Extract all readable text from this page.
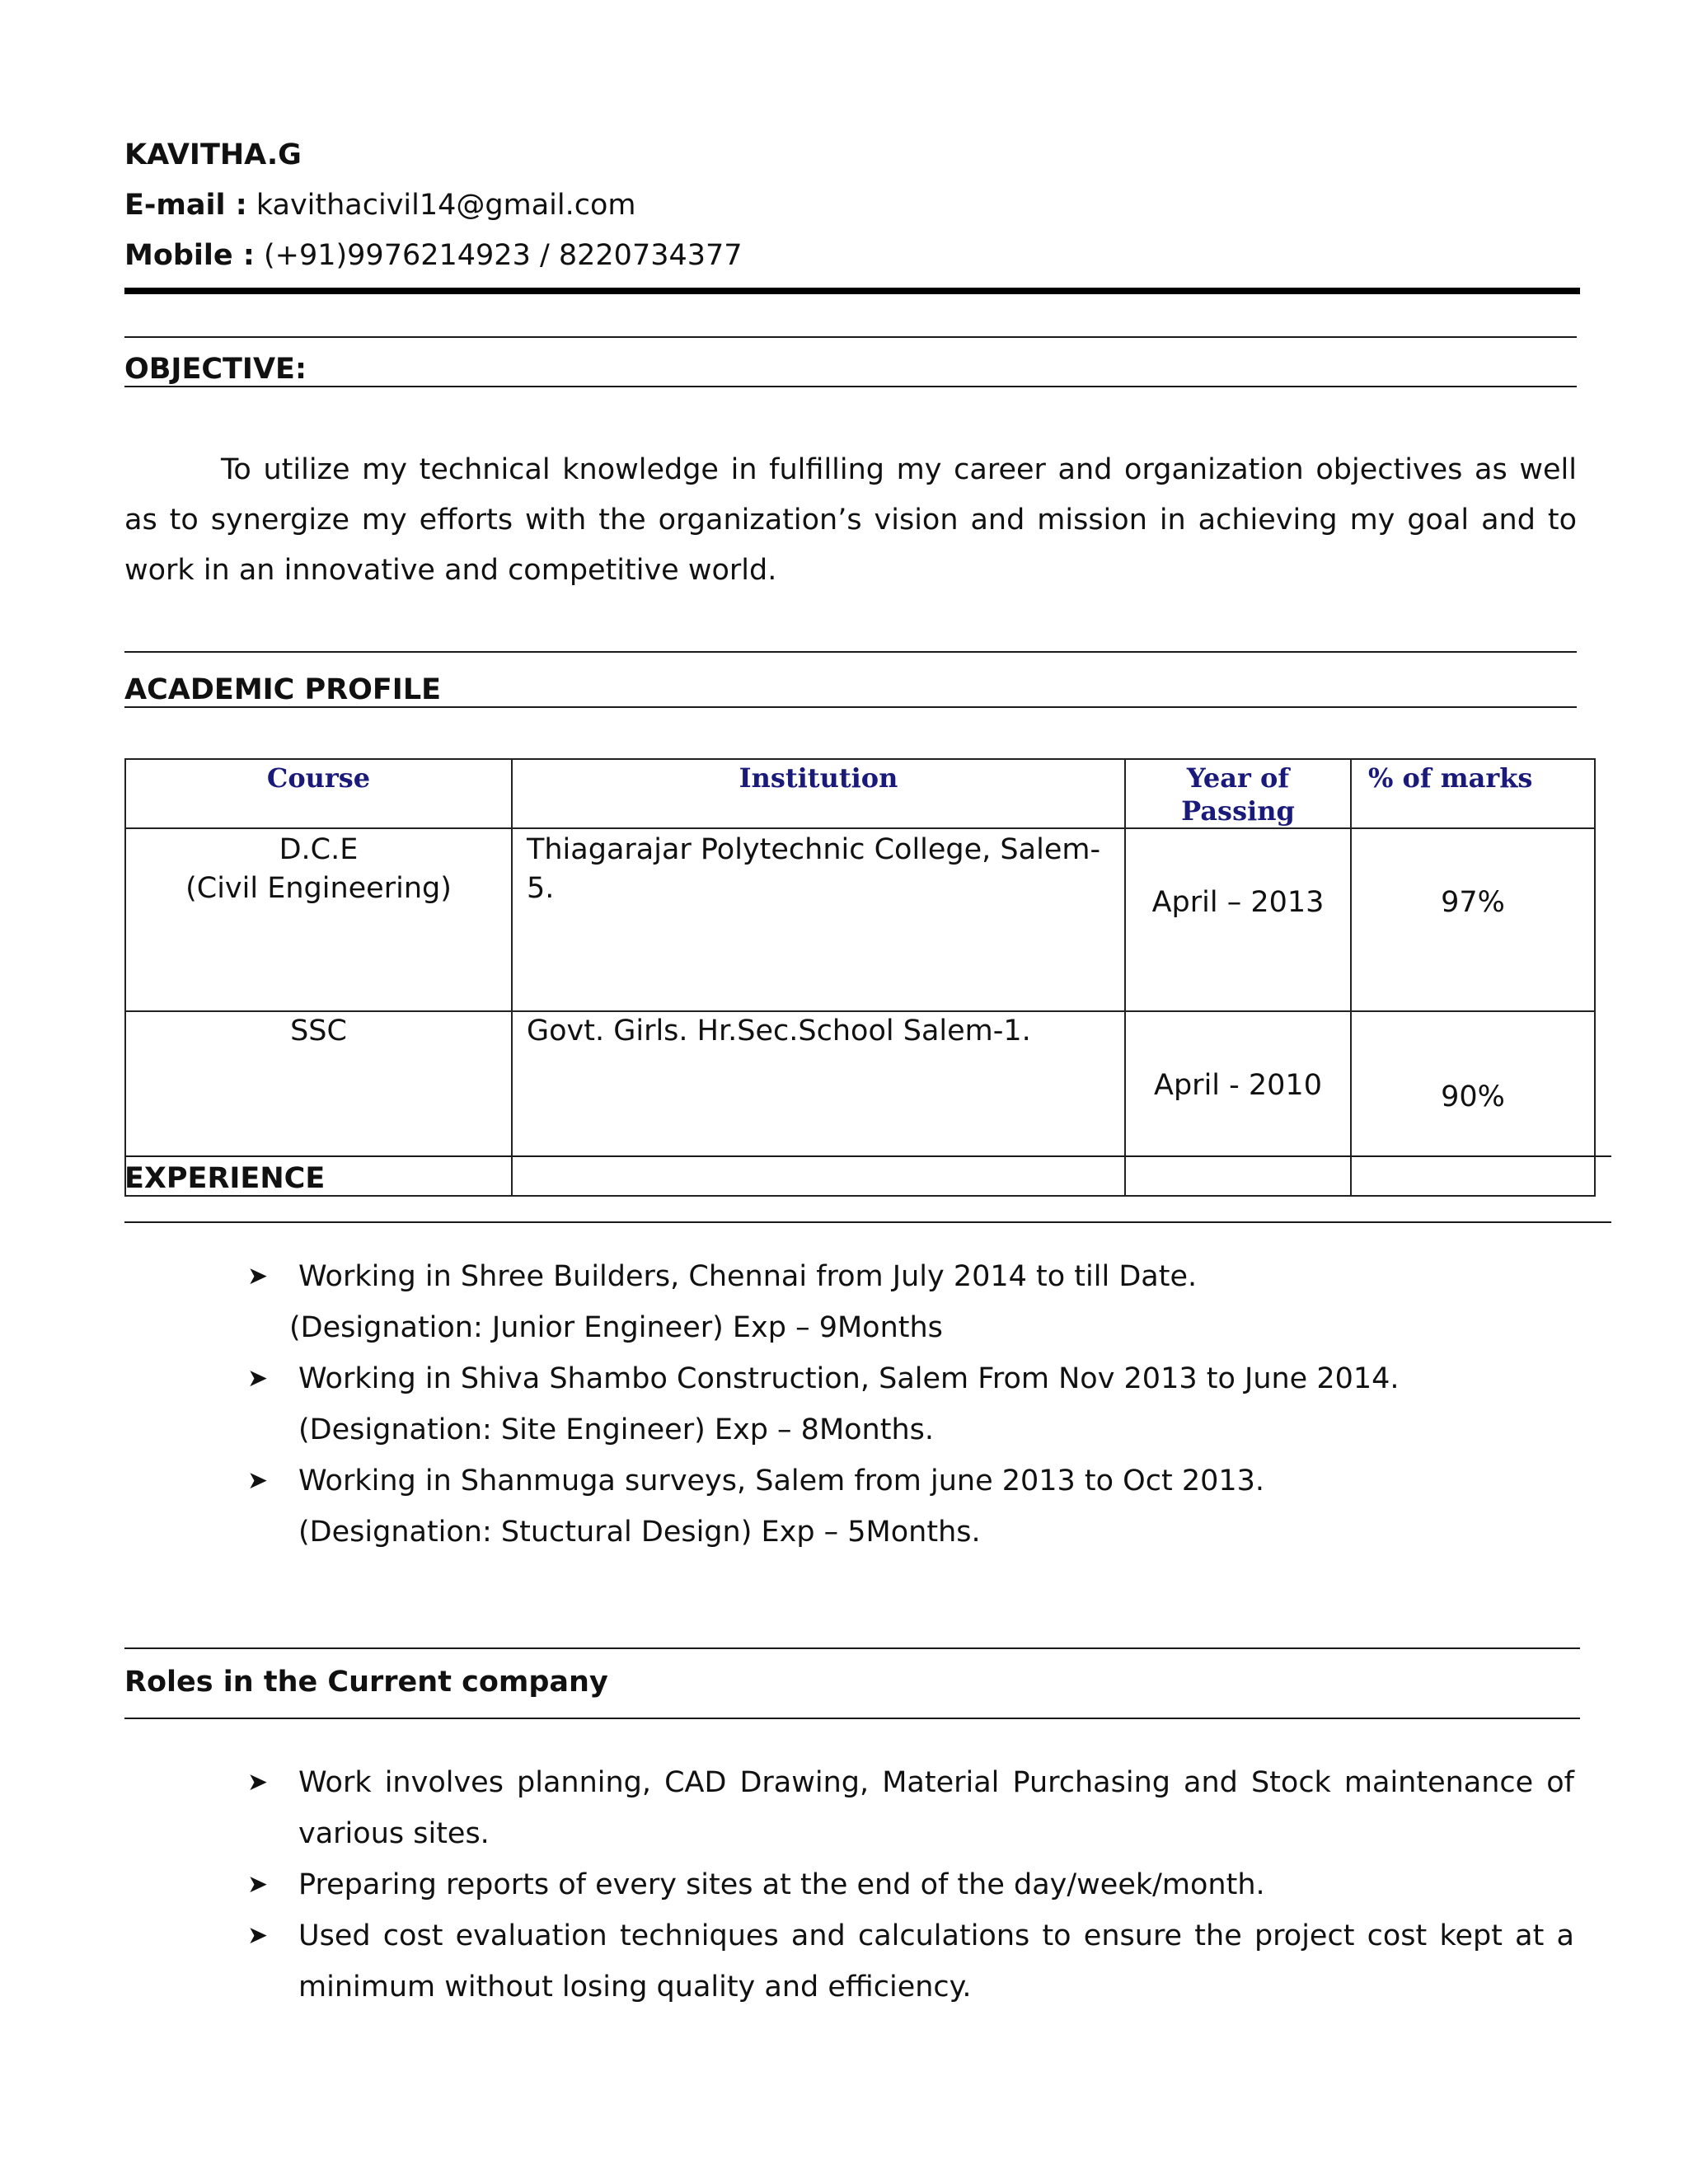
KAVITHA.G
E-mail : kavithacivil14@gmail.com
Mobile : (+91)9976214923 / 8220734377
OBJECTIVE:
To utilize my technical knowledge in fulfilling my career and organization objectives as well as to synergize my efforts with the organization’s vision and mission in achieving my goal and to work in an innovative and competitive world.
ACADEMIC PROFILE
Course	Institution	Year of Passing	% of marks

D.C.E
(Civil Engineering)	Thiagarajar Polytechnic College, Salem-5.	April – 2013	97%

SSC	Govt. Girls. Hr.Sec.School Salem-1.	April - 2010	90%
EXPERIENCE
➤ Working in Shree Builders, Chennai from July 2014 to till Date.
(Designation: Junior Engineer) Exp – 9Months
➤ Working in Shiva Shambo Construction, Salem From Nov 2013 to June 2014.
(Designation: Site Engineer) Exp – 8Months.
➤ Working in Shanmuga surveys, Salem from june 2013 to Oct 2013.
(Designation: Stuctural Design) Exp – 5Months.
Roles in the Current company
➤ Work involves planning, CAD Drawing, Material Purchasing and Stock maintenance of various sites.
➤ Preparing reports of every sites at the end of the day/week/month.
➤ Used cost evaluation techniques and calculations to ensure the project cost kept at a minimum without losing quality and efficiency.
